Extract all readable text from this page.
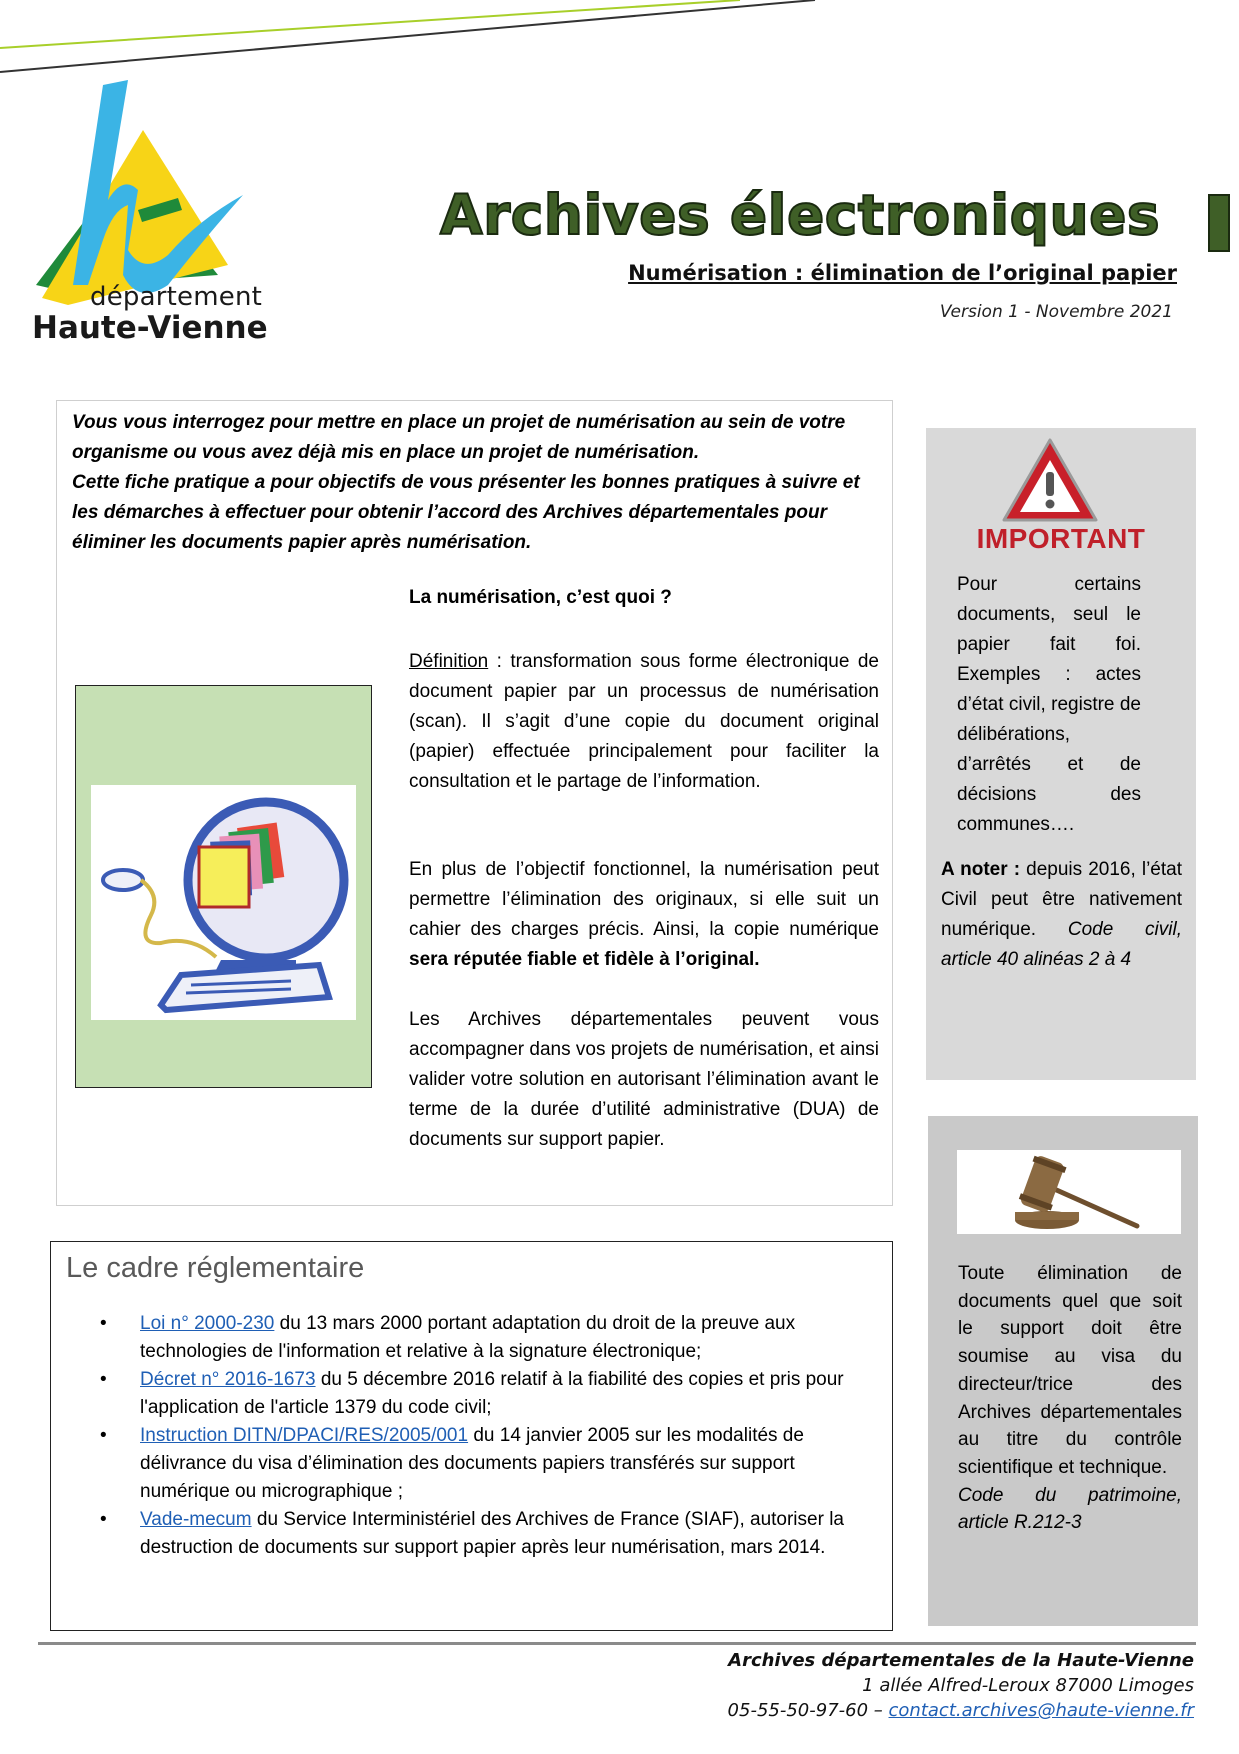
département
Haute-Vienne
Archives électroniques
Numérisation : élimination de l’original papier
Version 1 - Novembre 2021
Vous vous interrogez pour mettre en place un projet de numérisation au sein de votre organisme ou vous avez déjà mis en place un projet de numérisation.
Cette fiche pratique a pour objectifs de vous présenter les bonnes pratiques à suivre et les démarches à effectuer pour obtenir l’accord des Archives départementales pour éliminer les documents papier après numérisation.
La numérisation, c’est quoi ?
Définition : transformation sous forme électronique de document papier par un processus de numérisation (scan). Il s’agit d’une copie du document original (papier) effectuée principalement pour faciliter la consultation et le partage de l’information.
En plus de l’objectif fonctionnel, la numérisation peut permettre l’élimination des originaux, si elle suit un cahier des charges précis. Ainsi, la copie numérique sera réputée fiable et fidèle à l’original.
Les Archives départementales peuvent vous accompagner dans vos projets de numérisation, et ainsi valider votre solution en autorisant l’élimination avant le terme de la durée d’utilité administrative (DUA) de documents sur support papier.
Le cadre réglementaire
• Loi n° 2000-230 du 13 mars 2000 portant adaptation du droit de la preuve aux technologies de l'information et relative à la signature électronique;
• Décret n° 2016-1673 du 5 décembre 2016 relatif à la fiabilité des copies et pris pour l'application de l'article 1379 du code civil;
• Instruction DITN/DPACI/RES/2005/001 du 14 janvier 2005 sur les modalités de délivrance du visa d’élimination des documents papiers transférés sur support numérique ou micrographique ;
• Vade-mecum du Service Interministériel des Archives de France (SIAF), autoriser la destruction de documents sur support papier après leur numérisation, mars 2014.
IMPORTANT
Pour certains documents, seul le papier fait foi. Exemples : actes d’état civil, registre de délibérations, d’arrêtés et de décisions des communes….
A noter : depuis 2016, l’état Civil peut être nativement numérique. Code civil, article 40 alinéas 2 à 4
Toute élimination de documents quel que soit le support doit être soumise au visa du directeur/trice des Archives départementales au titre du contrôle scientifique et technique.
Code du patrimoine, article R.212-3
Archives départementales de la Haute-Vienne
1 allée Alfred-Leroux 87000 Limoges
05-55-50-97-60 – contact.archives@haute-vienne.fr
